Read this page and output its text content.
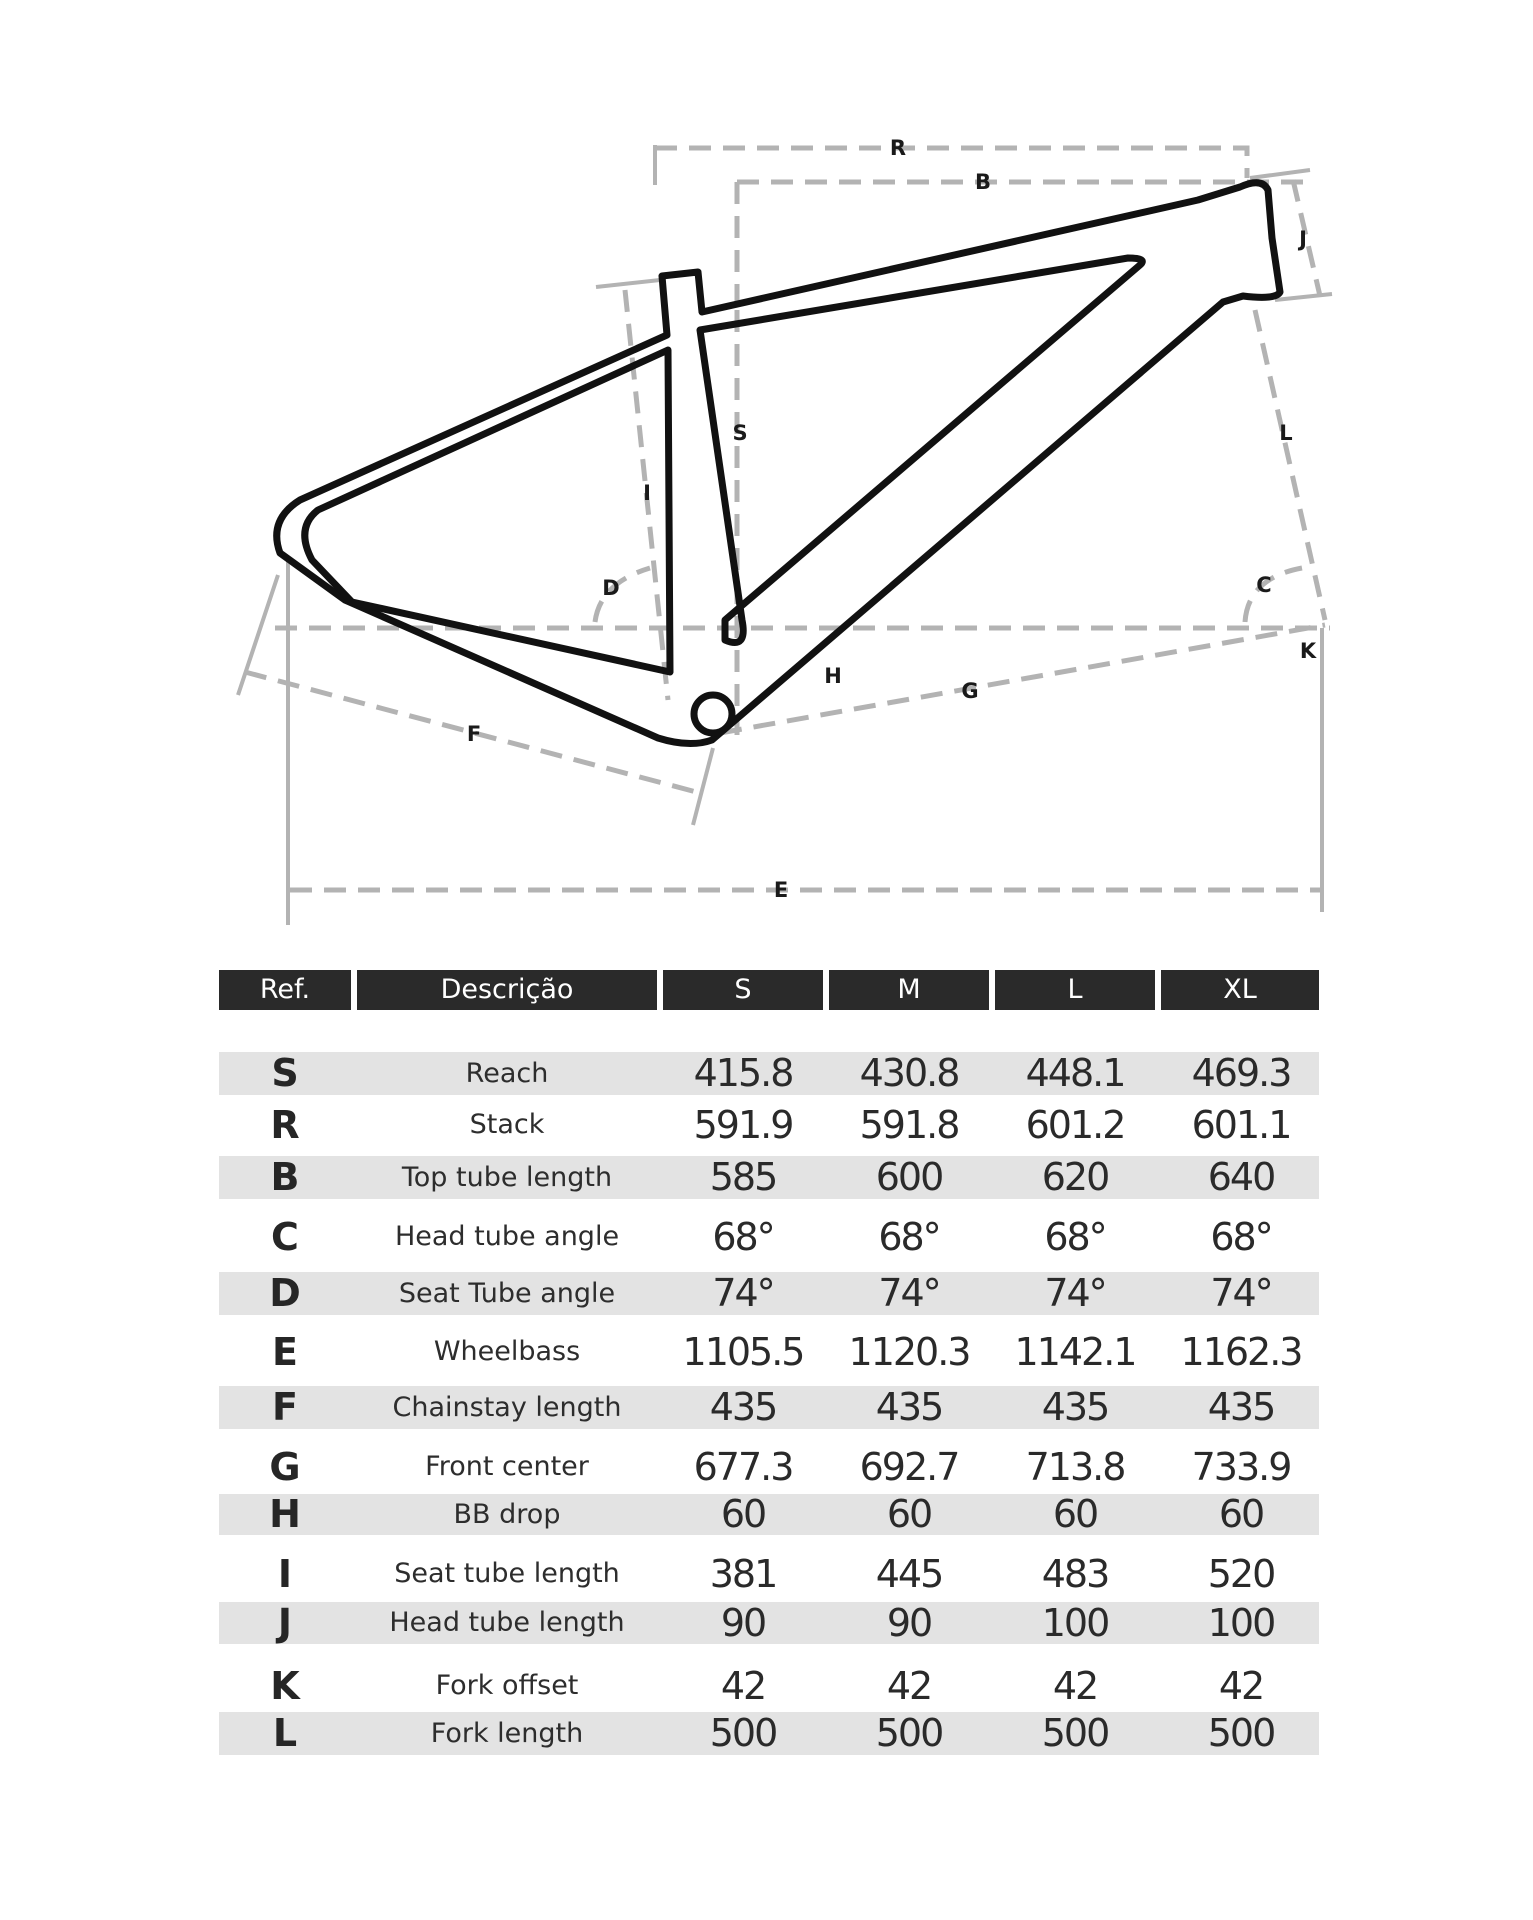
R
B
J
S	L
I
D	C
K
H
G
F
E
Ref.	Descrição	S	M	L	XL
S	Reach	415.8	430.8	448.1	469.3
R	Stack	591.9	591.8	601.2	601.1
B	Top tube length	585	600	620	640
C	Head tube angle	68°	68°	68°	68°
D	Seat Tube angle	74°	74°	74°	74°
E	Wheelbass	1105.5	1120.3	1142.1	1162.3
F	Chainstay length	435	435	435	435
G	Front center	677.3	692.7	713.8	733.9
H	BB drop	60	60	60	60
I	Seat tube length	381	445	483	520
J	Head tube length	90	90	100	100
K	Fork offset	42	42	42	42
L	Fork length	500	500	500	500
